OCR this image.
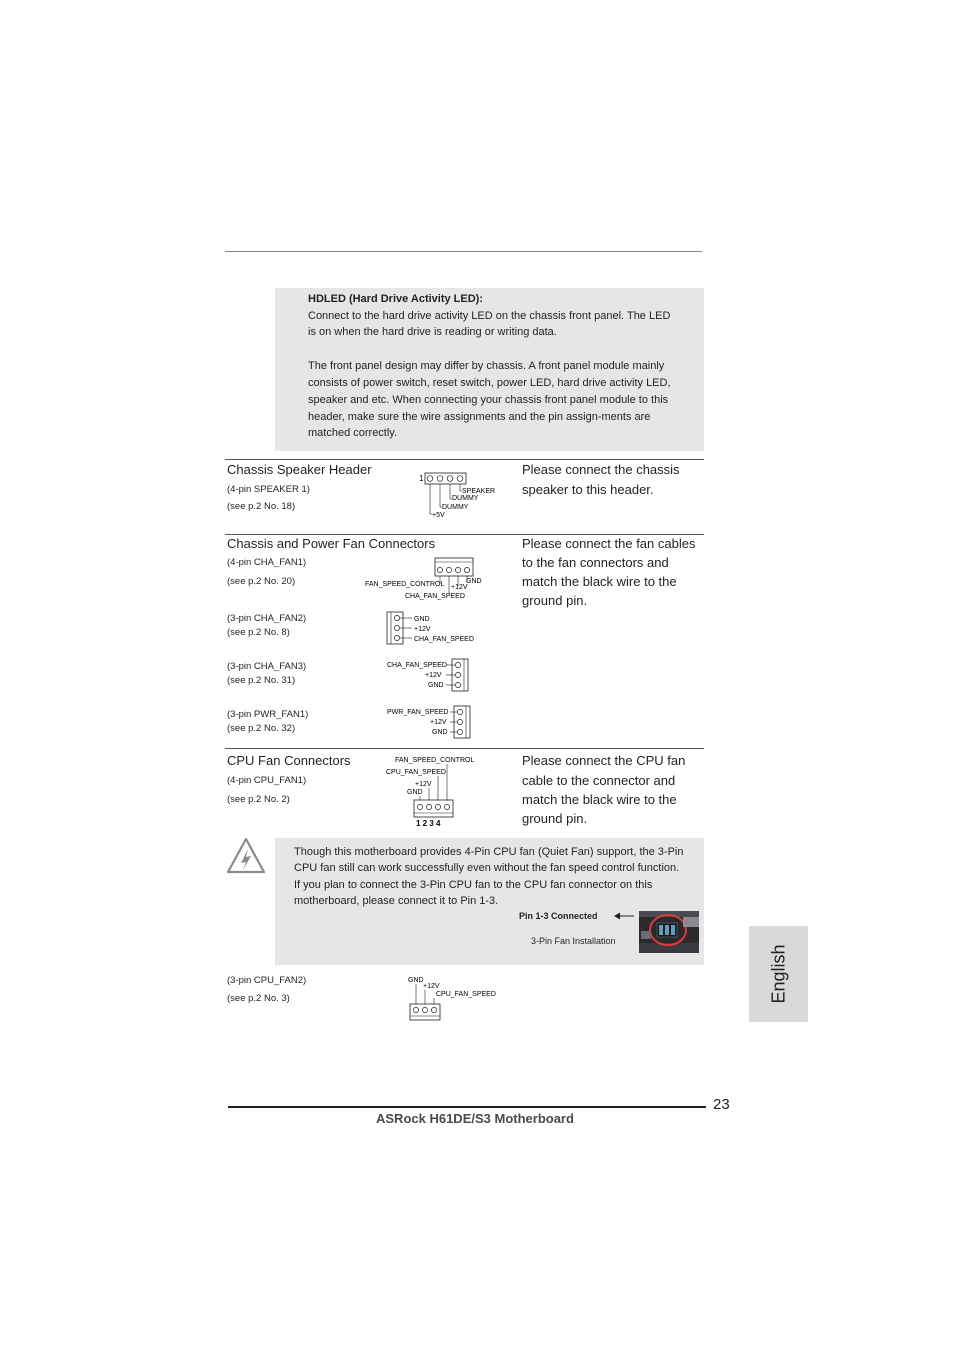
HDLED (Hard Drive Activity LED):
Connect to the hard drive activity LED on the chassis front panel. The LED
is on when the hard drive is reading or writing data.
The front panel design may differ by chassis. A front panel module mainly
consists of power switch, reset switch, power LED, hard drive activity LED,
speaker and etc. When connecting your chassis front panel module to this
header, make sure the wire assignments and the pin assign-ments are
matched correctly.
Chassis Speaker Header
(4-pin SPEAKER 1)
(see p.2 No. 18)
Please connect the chassis
speaker to this header.
1
SPEAKER
DUMMY
DUMMY
+5V
Chassis and Power Fan Connectors	Please connect the fan cables
to the fan connectors and
match the black wire to the
ground pin.
(4-pin CHA_FAN1)
(see p.2 No. 20)	FAN_SPEED_CONTROL	GND
+12V
CHA_FAN_SPEED
(3-pin CHA_FAN2)
(see p.2 No. 8)
GND
+12V
CHA_FAN_SPEED
(3-pin CHA_FAN3)
(see p.2 No. 31)
CHA_FAN_SPEED
+12V
GND
(3-pin PWR_FAN1)
(see p.2 No. 32)
PWR_FAN_SPEED
+12V
GND
CPU Fan Connectors
(4-pin CPU_FAN1)
(see p.2 No. 2)
Please connect the CPU fan
cable to the connector and
match the black wire to the
ground pin.
FAN_SPEED_CONTROL
CPU_FAN_SPEED
+12V
GND
1 2 3 4
Though this motherboard provides 4-Pin CPU fan (Quiet Fan) support, the 3-Pin
CPU fan still can work successfully even without the fan speed control function.
If you plan to connect the 3-Pin CPU fan to the CPU fan connector on this
motherboard, please connect it to Pin 1-3.
Pin 1-3 Connected
3-Pin Fan Installation
(3-pin CPU_FAN2)
(see p.2 No. 3)
GND
+12V
CPU_FAN_SPEED	English
23
ASRock H61DE/S3 Motherboard
